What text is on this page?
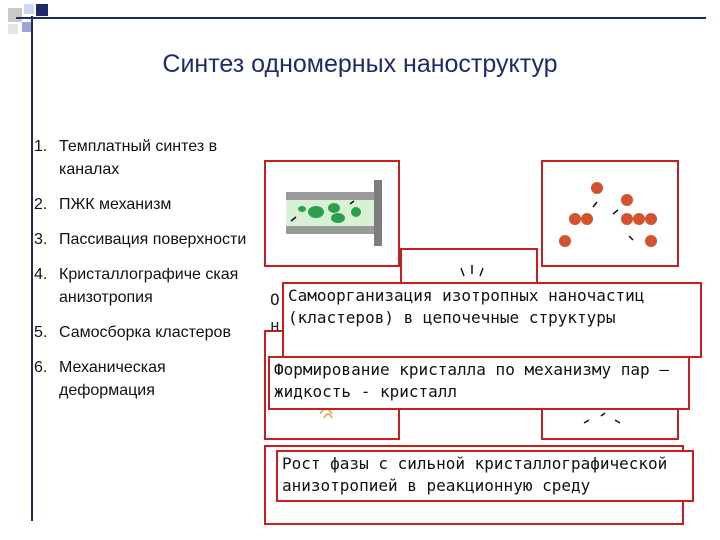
Синтез одномерных наноструктур
1. Темплатный синтез в каналах
2. ПЖК механизм
3. Пассивация поверхности
4. Кристаллографиче ская анизотропия
5. Самосборка кластеров
6. Механическая деформация
О
н
Самоорганизация изотропных наночастиц (кластеров) в цепочечные структуры
Формирование кристалла по механизму пар – жидкость - кристалл
Рост фазы с сильной кристаллографической анизотропией в реакционную среду
